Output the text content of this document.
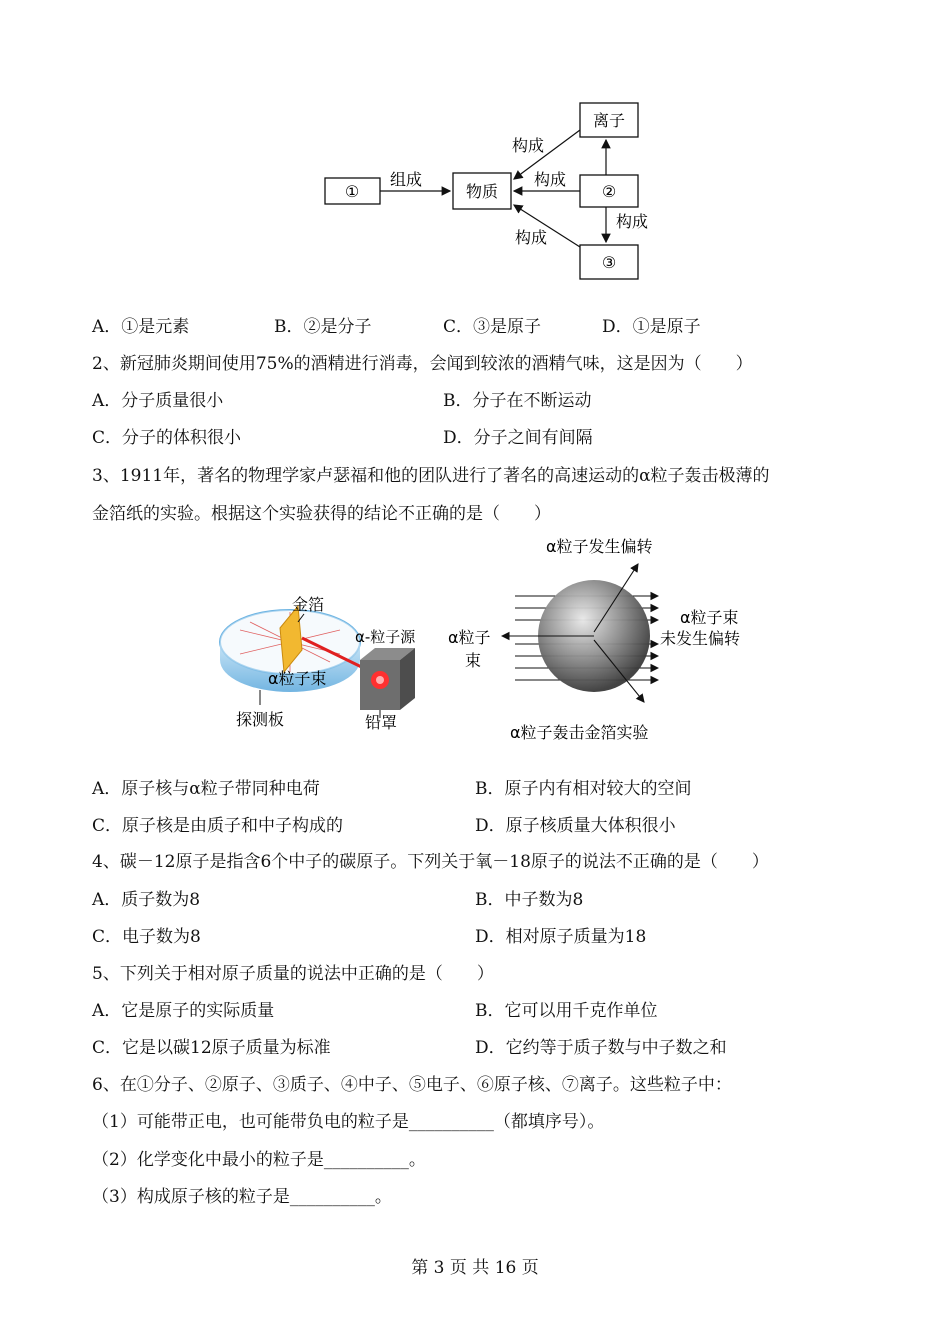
①	物质
离子
②
③
组成
构成
构成
构成
构成
A．①是元素	B．②是分子	C．③是原子	D．①是原子
2、新冠肺炎期间使用75%的酒精进行消毒，会闻到较浓的酒精气味，这是因为（　　）
A．分子质量很小	B．分子在不断运动
C．分子的体积很小	D．分子之间有间隔
3、1911年，著名的物理学家卢瑟福和他的团队进行了著名的高速运动的α粒子轰击极薄的
金箔纸的实验。根据这个实验获得的结论不正确的是（　　）
金箔
α-粒子源
α粒子束
探测板	铅罩
α粒子发生偏转
α粒子
束
α粒子束
未发生偏转
α粒子轰击金箔实验
A．原子核与α粒子带同种电荷	B．原子内有相对较大的空间
C．原子核是由质子和中子构成的	D．原子核质量大体积很小
4、碳－12原子是指含6个中子的碳原子。下列关于氧－18原子的说法不正确的是（　　）
A．质子数为8	B．中子数为8
C．电子数为8	D．相对原子质量为18
5、下列关于相对原子质量的说法中正确的是（　　）
A．它是原子的实际质量	B．它可以用千克作单位
C．它是以碳12原子质量为标准	D．它约等于质子数与中子数之和
6、在①分子、②原子、③质子、④中子、⑤电子、⑥原子核、⑦离子。这些粒子中：
（1）可能带正电，也可能带负电的粒子是__________（都填序号）。
（2）化学变化中最小的粒子是__________。
（3）构成原子核的粒子是__________。
第 3 页 共 16 页
